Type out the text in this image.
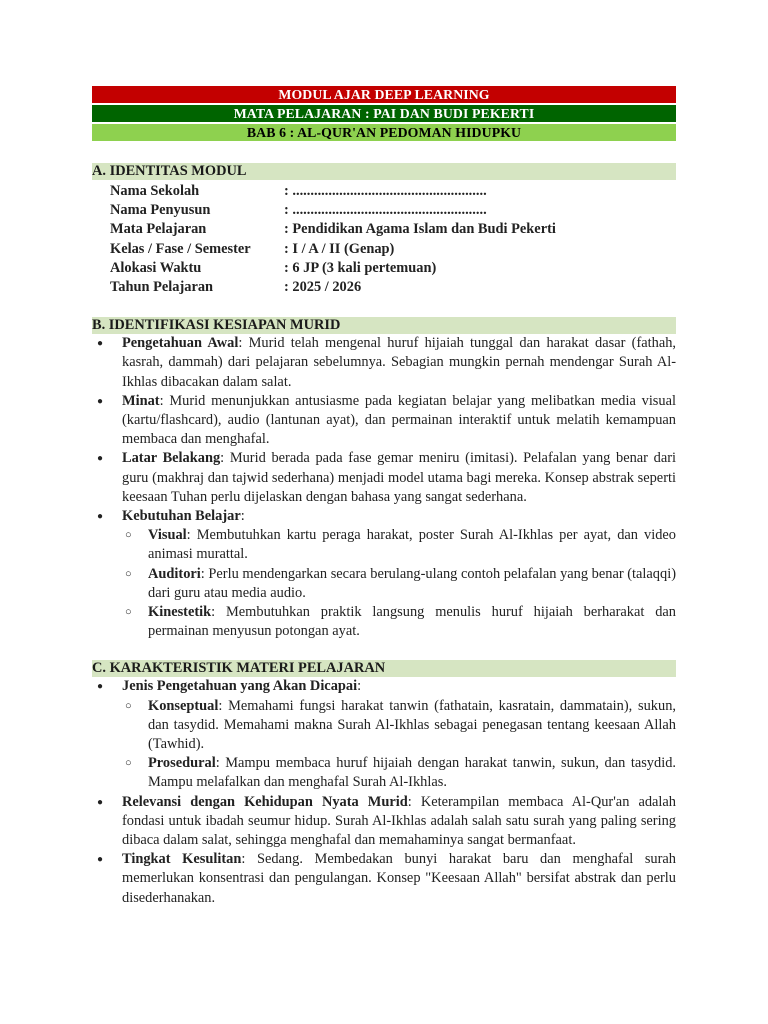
MODUL AJAR DEEP LEARNING
MATA PELAJARAN : PAI DAN BUDI PEKERTI
BAB 6 : AL-QUR'AN PEDOMAN HIDUPKU
A. IDENTITAS MODUL
Nama Sekolah	: ......................................................
Nama Penyusun	: ......................................................
Mata Pelajaran	: Pendidikan Agama Islam dan Budi Pekerti
Kelas / Fase / Semester	: I / A / II (Genap)
Alokasi Waktu	: 6 JP (3 kali pertemuan)
Tahun Pelajaran	: 2025 / 2026
B. IDENTIFIKASI KESIAPAN MURID
● Pengetahuan Awal: Murid telah mengenal huruf hijaiah tunggal dan harakat dasar (fathah, kasrah, dammah) dari pelajaran sebelumnya. Sebagian mungkin pernah mendengar Surah Al-Ikhlas dibacakan dalam salat.
● Minat: Murid menunjukkan antusiasme pada kegiatan belajar yang melibatkan media visual (kartu/flashcard), audio (lantunan ayat), dan permainan interaktif untuk melatih kemampuan membaca dan menghafal.
● Latar Belakang: Murid berada pada fase gemar meniru (imitasi). Pelafalan yang benar dari guru (makhraj dan tajwid sederhana) menjadi model utama bagi mereka. Konsep abstrak seperti keesaan Tuhan perlu dijelaskan dengan bahasa yang sangat sederhana.
● Kebutuhan Belajar:
○ Visual: Membutuhkan kartu peraga harakat, poster Surah Al-Ikhlas per ayat, dan video animasi murattal.
○ Auditori: Perlu mendengarkan secara berulang-ulang contoh pelafalan yang benar (talaqqi) dari guru atau media audio.
○ Kinestetik: Membutuhkan praktik langsung menulis huruf hijaiah berharakat dan permainan menyusun potongan ayat.
C. KARAKTERISTIK MATERI PELAJARAN
● Jenis Pengetahuan yang Akan Dicapai:
○ Konseptual: Memahami fungsi harakat tanwin (fathatain, kasratain, dammatain), sukun, dan tasydid. Memahami makna Surah Al-Ikhlas sebagai penegasan tentang keesaan Allah (Tawhid).
○ Prosedural: Mampu membaca huruf hijaiah dengan harakat tanwin, sukun, dan tasydid. Mampu melafalkan dan menghafal Surah Al-Ikhlas.
● Relevansi dengan Kehidupan Nyata Murid: Keterampilan membaca Al-Qur'an adalah fondasi untuk ibadah seumur hidup. Surah Al-Ikhlas adalah salah satu surah yang paling sering dibaca dalam salat, sehingga menghafal dan memahaminya sangat bermanfaat.
● Tingkat Kesulitan: Sedang. Membedakan bunyi harakat baru dan menghafal surah memerlukan konsentrasi dan pengulangan. Konsep "Keesaan Allah" bersifat abstrak dan perlu disederhanakan.
